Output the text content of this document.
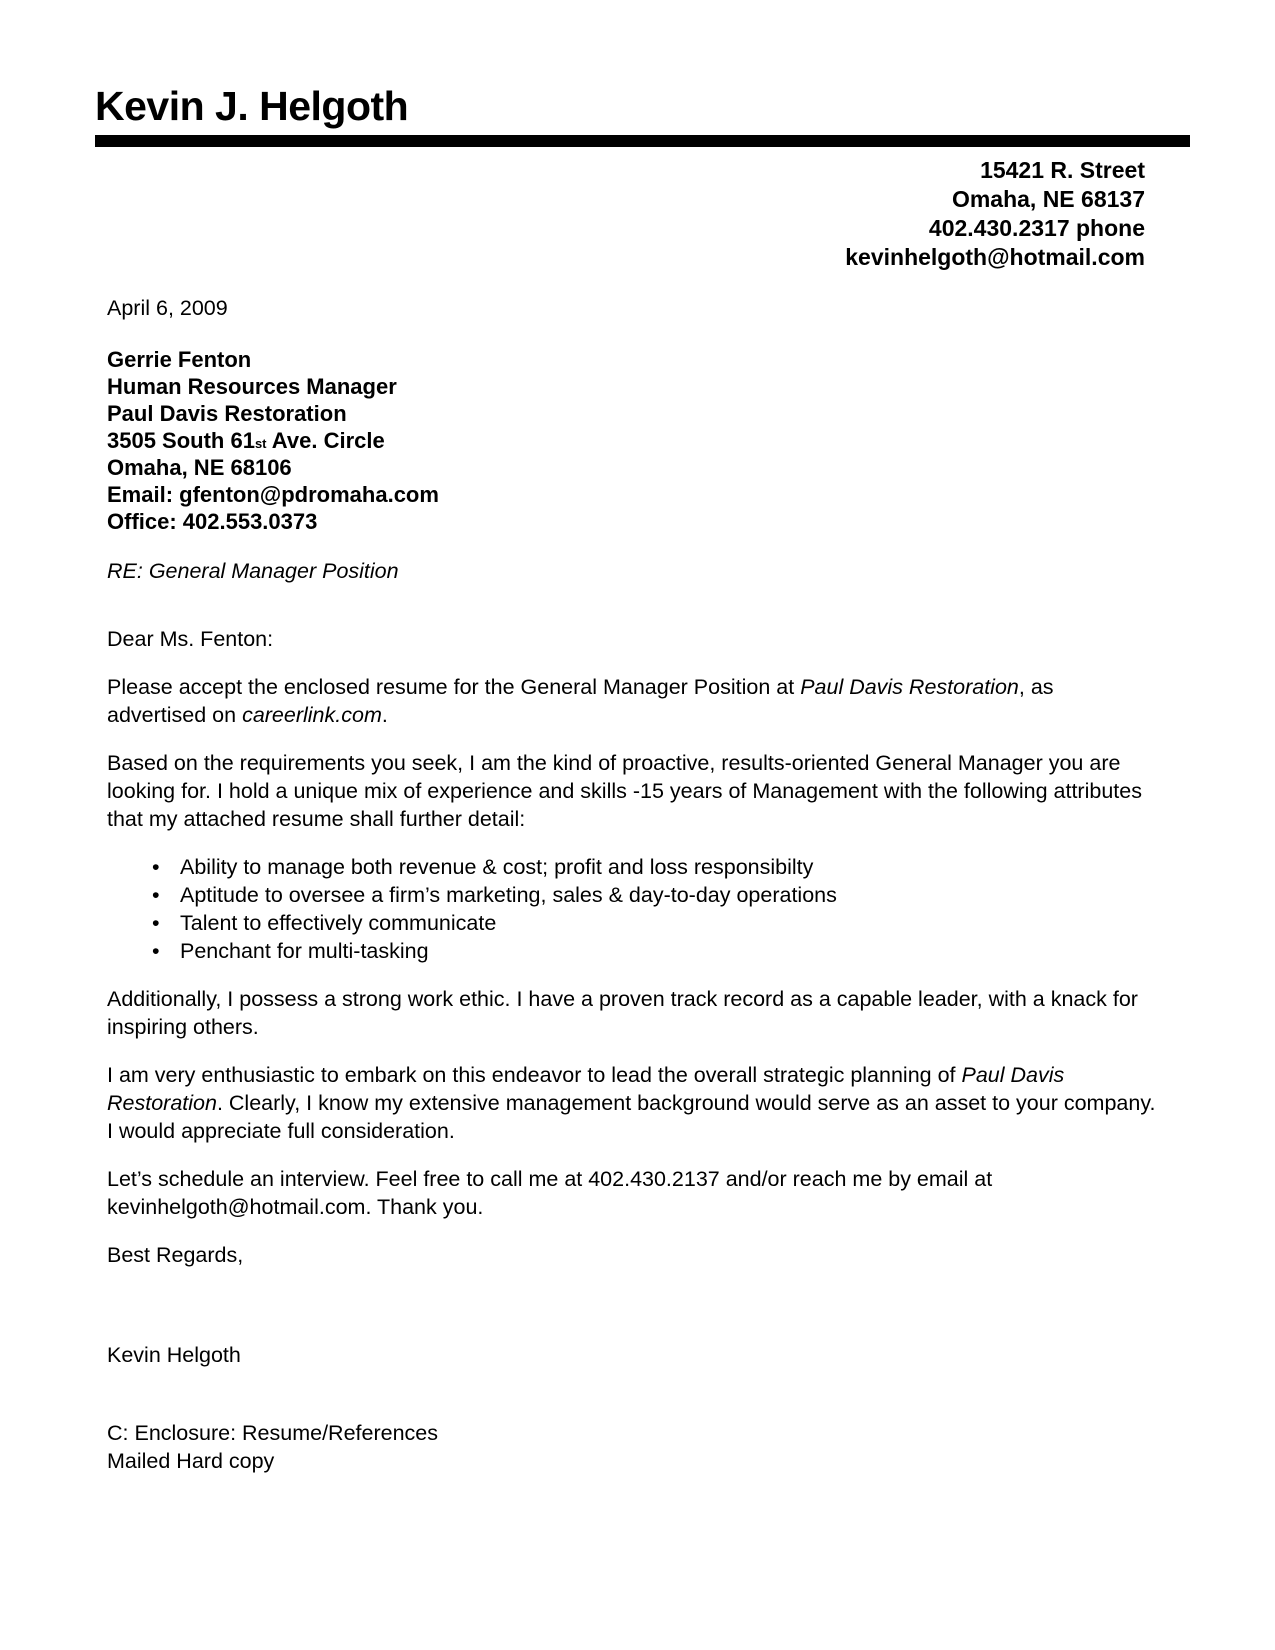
Kevin J. Helgoth
15421 R. Street
Omaha, NE 68137
402.430.2317 phone
kevinhelgoth@hotmail.com
April 6, 2009
Gerrie Fenton
Human Resources Manager
Paul Davis Restoration
3505 South 61st Ave. Circle
Omaha, NE 68106
Email: gfenton@pdromaha.com
Office: 402.553.0373
RE: General Manager Position
Dear Ms. Fenton:

Please accept the enclosed resume for the General Manager Position at Paul Davis Restoration, as advertised on careerlink.com.

Based on the requirements you seek, I am the kind of proactive, results-oriented General Manager you are looking for. I hold a unique mix of experience and skills -15 years of Management with the following attributes that my attached resume shall further detail:

• Ability to manage both revenue & cost; profit and loss responsibilty
• Aptitude to oversee a firm’s marketing, sales & day-to-day operations
• Talent to effectively communicate
• Penchant for multi-tasking

Additionally, I possess a strong work ethic. I have a proven track record as a capable leader, with a knack for inspiring others.

I am very enthusiastic to embark on this endeavor to lead the overall strategic planning of Paul Davis Restoration. Clearly, I know my extensive management background would serve as an asset to your company. I would appreciate full consideration.

Let’s schedule an interview. Feel free to call me at 402.430.2137 and/or reach me by email at kevinhelgoth@hotmail.com. Thank you.

Best Regards,
Kevin Helgoth
C: Enclosure: Resume/References
Mailed Hard copy
